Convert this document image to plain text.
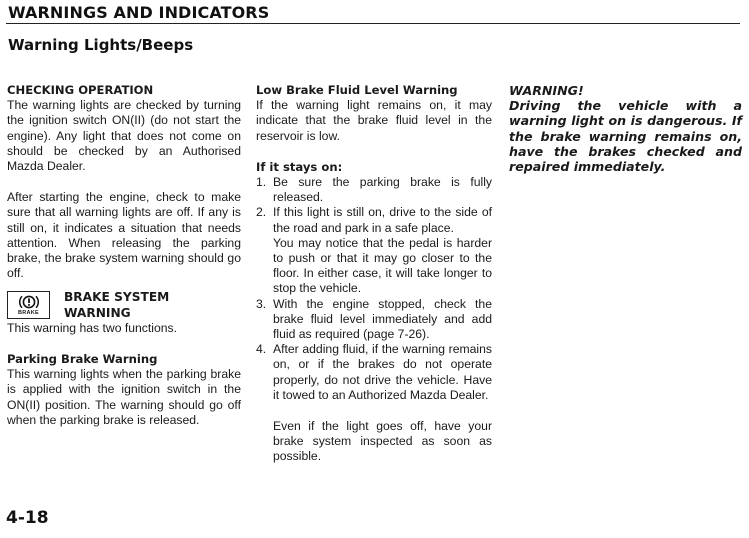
WARNINGS AND INDICATORS
Warning Lights/Beeps
CHECKING OPERATION

The warning lights are checked by turning the ignition switch ON(II) (do not start the engine). Any light that does not come on should be checked by an Authorised Mazda Dealer.

After starting the engine, check to make sure that all warning lights are off. If any is still on, it indicates a situation that needs attention. When releasing the parking brake, the brake system warning should go off.

BRAKE
BRAKE SYSTEM
WARNING

This warning has two functions.

Parking Brake Warning

This warning lights when the parking brake is applied with the ignition switch in the ON(II) position. The warning should go off when the parking brake is released.

Low Brake Fluid Level Warning

If the warning light remains on, it may indicate that the brake fluid level in the reservoir is low.

If it stays on:
1. Be sure the parking brake is fully released.
2. If this light is still on, drive to the side of the road and park in a safe place.
You may notice that the pedal is harder to push or that it may go closer to the floor. In either case, it will take longer to stop the vehicle.
3. With the engine stopped, check the brake fluid level immediately and add fluid as required (page 7-26).
4. After adding fluid, if the warning remains on, or if the brakes do not operate properly, do not drive the vehicle. Have it towed to an Authorized Mazda Dealer.

Even if the light goes off, have your brake system inspected as soon as possible.

WARNING!

Driving the vehicle with a warning light on is dangerous. If the brake warning remains on, have the brakes checked and repaired immediately.

4-18
